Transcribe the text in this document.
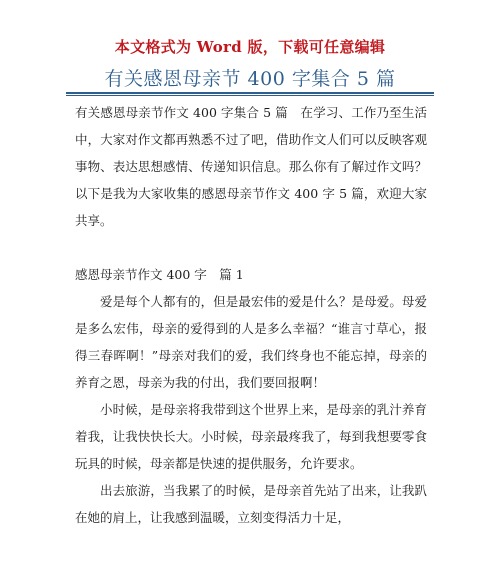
本文格式为 Word 版，下载可任意编辑
有关感恩母亲节 400 字集合 5 篇

有关感恩母亲节作文 400 字集合 5 篇　在学习、工作乃至生活中，大家对作文都再熟悉不过了吧，借助作文人们可以反映客观事物、表达思想感情、传递知识信息。那么你有了解过作文吗？以下是我为大家收集的感恩母亲节作文 400 字 5 篇，欢迎大家共享。

感恩母亲节作文 400 字　篇 1

爱是每个人都有的，但是最宏伟的爱是什么？是母爱。母爱是多么宏伟，母亲的爱得到的人是多么幸福？“谁言寸草心，报得三春晖啊！”母亲对我们的爱，我们终身也不能忘掉，母亲的养育之恩，母亲为我的付出，我们要回报啊！

小时候，是母亲将我带到这个世界上来，是母亲的乳汁养育着我，让我快快长大。小时候，母亲最疼我了，每到我想要零食玩具的时候，母亲都是快速的提供服务，允许要求。

出去旅游，当我累了的时候，是母亲首先站了出来，让我趴在她的肩上，让我感到温暖，立刻变得活力十足，
